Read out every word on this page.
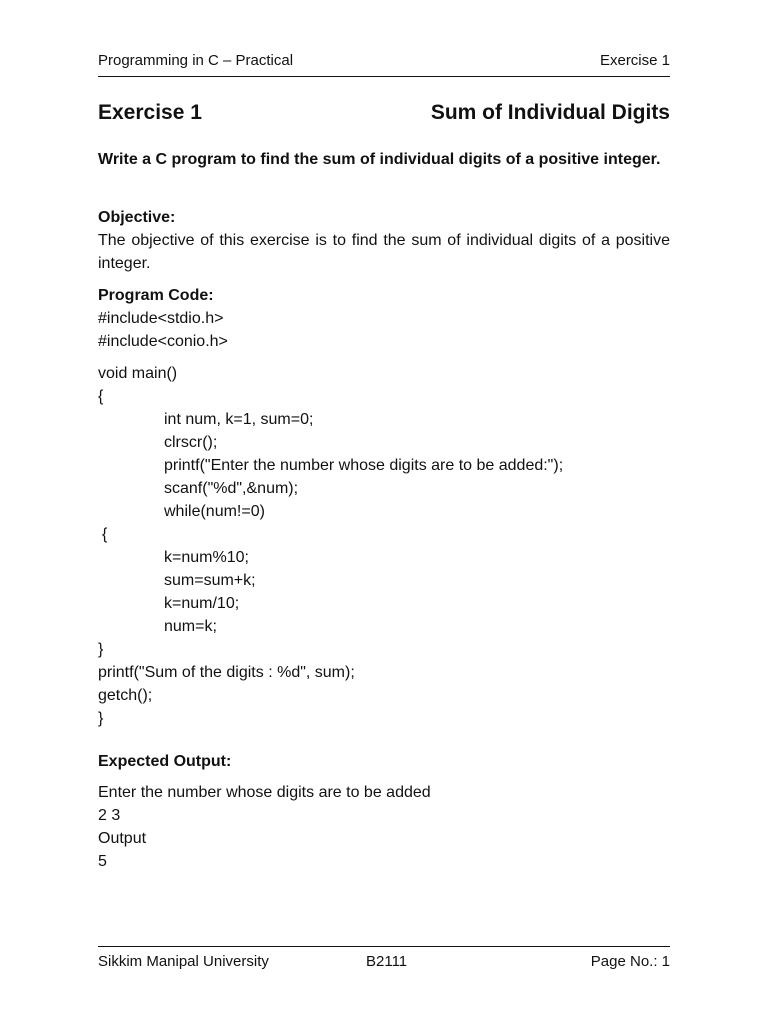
Programming in C – Practical	Exercise 1
Exercise 1	Sum of Individual Digits

Write a C program to find the sum of individual digits of a positive integer.

Objective:

The objective of this exercise is to find the sum of individual digits of a positive integer.

Program Code:

#include<stdio.h>
#include<conio.h>
void main()
{
int num, k=1, sum=0;
clrscr();
printf("Enter the number whose digits are to be added:");
scanf("%d",&num);
while(num!=0)
{
k=num%10;
sum=sum+k;
k=num/10;
num=k;
}
printf("Sum of the digits : %d", sum);
getch();
}

Expected Output:

Enter the number whose digits are to be added
2 3
Output
5
Sikkim Manipal University	B2111	Page No.: 1
